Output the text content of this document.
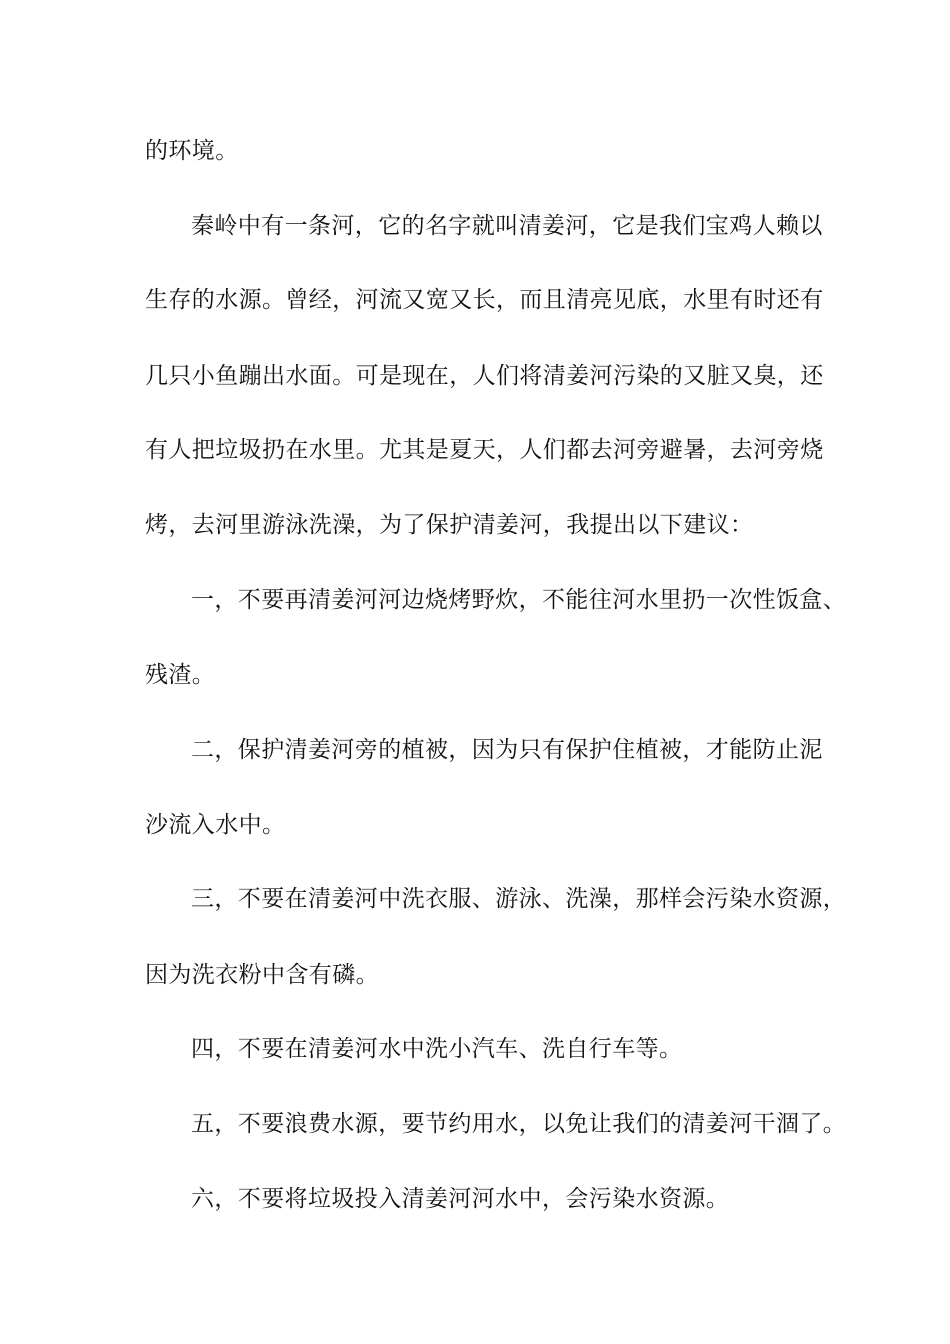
的环境。
秦岭中有一条河，它的名字就叫清姜河，它是我们宝鸡人赖以
生存的水源。曾经，河流又宽又长，而且清亮见底，水里有时还有
几只小鱼蹦出水面。可是现在，人们将清姜河污染的又脏又臭，还
有人把垃圾扔在水里。尤其是夏天，人们都去河旁避暑，去河旁烧
烤，去河里游泳洗澡，为了保护清姜河，我提出以下建议：
一，不要再清姜河河边烧烤野炊，不能往河水里扔一次性饭盒、
残渣。
二，保护清姜河旁的植被，因为只有保护住植被，才能防止泥
沙流入水中。
三，不要在清姜河中洗衣服、游泳、洗澡，那样会污染水资源，
因为洗衣粉中含有磷。
四，不要在清姜河水中洗小汽车、洗自行车等。
五，不要浪费水源，要节约用水，以免让我们的清姜河干涸了。
六，不要将垃圾投入清姜河河水中，会污染水资源。
